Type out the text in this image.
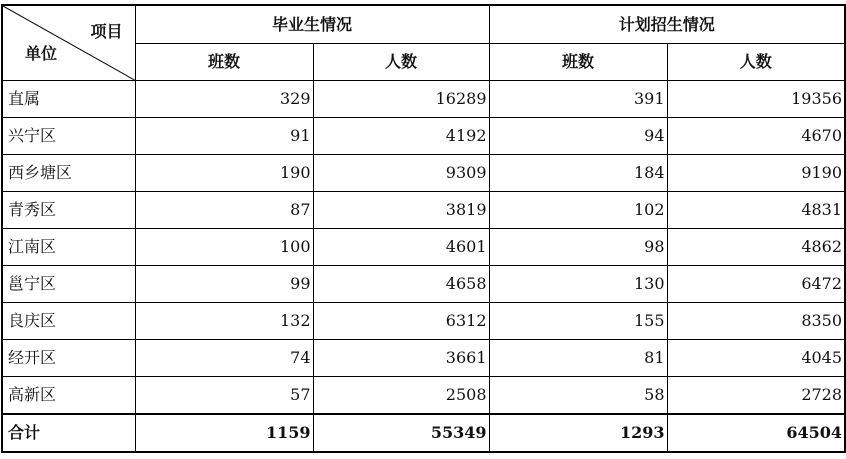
项目
单位	毕业生情况		计划招生情况	
	班数	人数	班数	人数
直属	329	16289	391	19356
兴宁区	91	4192	94	4670
西乡塘区	190	9309	184	9190
青秀区	87	3819	102	4831
江南区	100	4601	98	4862
邕宁区	99	4658	130	6472
良庆区	132	6312	155	8350
经开区	74	3661	81	4045
高新区	57	2508	58	2728
合计	1159	55349	1293	64504
